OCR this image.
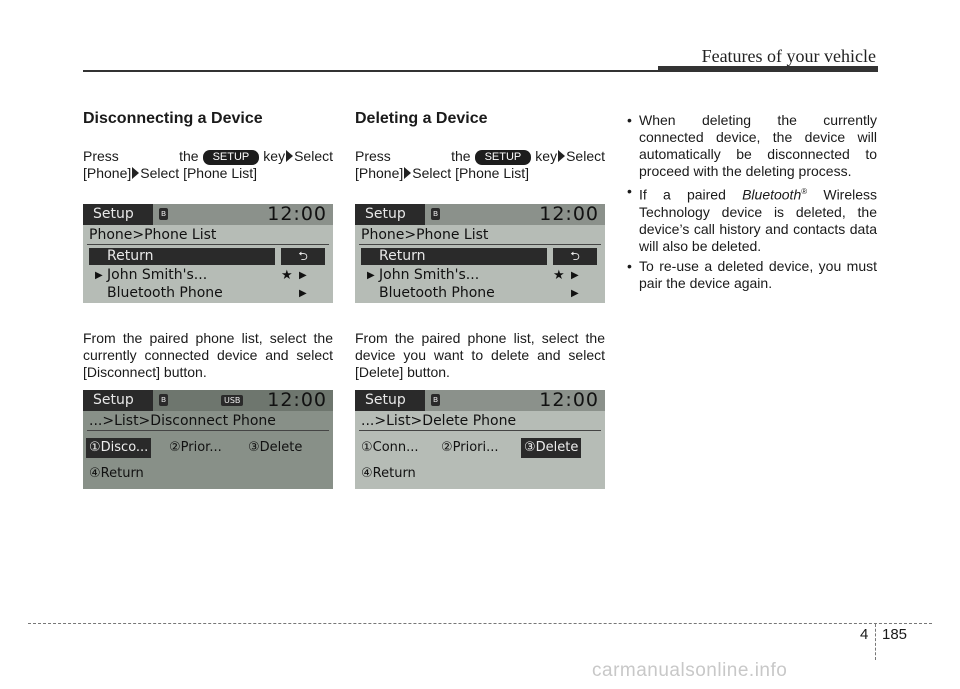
Features of your vehicle
Disconnecting a Device

Press the SETUP key Select

[Phone] Select [Phone List]

Setup	ʙ	12:00
Phone>Phone List
Return	⮌
▶ John Smith's...	★ ▶
Bluetooth Phone	▶

From the paired phone list, select the currently connected device and select [Disconnect] button.

Setup	ʙ	USB 12:00
...>List>Disconnect Phone
①Disco... ②Prior... ③Delete
④Return
Deleting a Device

Press the SETUP key Select

[Phone] Select [Phone List]

Setup	ʙ	12:00
Phone>Phone List
Return	⮌
▶ John Smith's...	★ ▶
Bluetooth Phone	▶

From the paired phone list, select the device you want to delete and select [Delete] button.

Setup	ʙ	12:00
...>List>Delete Phone
①Conn... ②Priori... ③Delete
④Return
• When deleting the currently connected device, the device will automatically be disconnected to proceed with the deleting process.
• If a paired Bluetooth® Wireless Technology device is deleted, the device’s call history and contacts data will also be deleted.
• To re-use a deleted device, you must pair the device again.
4 185
carmanualsonline.info
